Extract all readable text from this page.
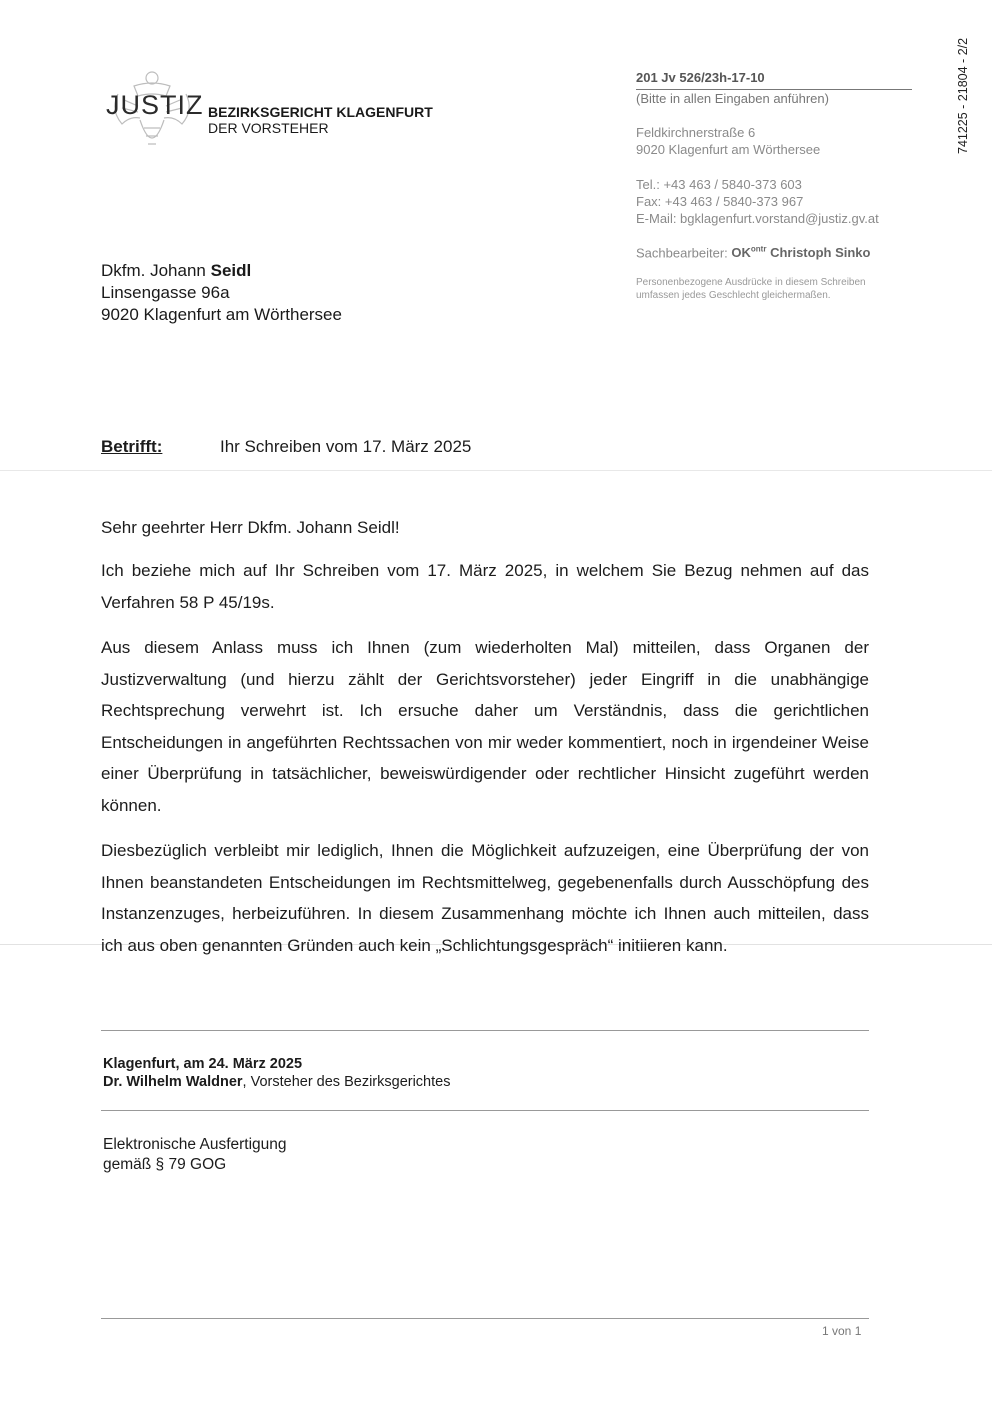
JUSTIZ BEZIRKSGERICHT KLAGENFURT
DER VORSTEHER
201 Jv 526/23h-17-10
(Bitte in allen Eingaben anführen)
Feldkirchnerstraße 6
9020 Klagenfurt am Wörthersee
Tel.: +43 463 / 5840-373 603
Fax: +43 463 / 5840-373 967
E-Mail: bgklagenfurt.vorstand@justiz.gv.at
Sachbearbeiter: $OK^{ontr}$ Christoph Sinko
Personenbezogene Ausdrücke in diesem Schreiben
umfassen jedes Geschlecht gleichermaßen.
741225 - 21804 - 2/2
Dkfm. Johann Seidl
Linsengasse 96a
9020 Klagenfurt am Wörthersee
Betrifft:	Ihr Schreiben vom 17. März 2025
Sehr geehrter Herr Dkfm. Johann Seidl!
Ich beziehe mich auf Ihr Schreiben vom 17. März 2025, in welchem Sie Bezug nehmen auf das Verfahren 58 P 45/19s.
Aus diesem Anlass muss ich Ihnen (zum wiederholten Mal) mitteilen, dass Organen der Justizverwaltung (und hierzu zählt der Gerichtsvorsteher) jeder Eingriff in die unabhängige Rechtsprechung verwehrt ist. Ich ersuche daher um Verständnis, dass die gerichtlichen Entscheidungen in angeführten Rechtssachen von mir weder kommentiert, noch in irgendeiner Weise einer Überprüfung in tatsächlicher, beweiswürdigender oder rechtlicher Hinsicht zugeführt werden können.
Diesbezüglich verbleibt mir lediglich, Ihnen die Möglichkeit aufzuzeigen, eine Überprüfung der von Ihnen beanstandeten Entscheidungen im Rechtsmittelweg, gegebenenfalls durch Ausschöpfung des Instanzenzuges, herbeizuführen. In diesem Zusammenhang möchte ich Ihnen auch mitteilen, dass ich aus oben genannten Gründen auch kein „Schlichtungsgespräch“ initiieren kann.
Klagenfurt, am 24. März 2025
Dr. Wilhelm Waldner, Vorsteher des Bezirksgerichtes
Elektronische Ausfertigung
gemäß § 79 GOG
1 von 1
